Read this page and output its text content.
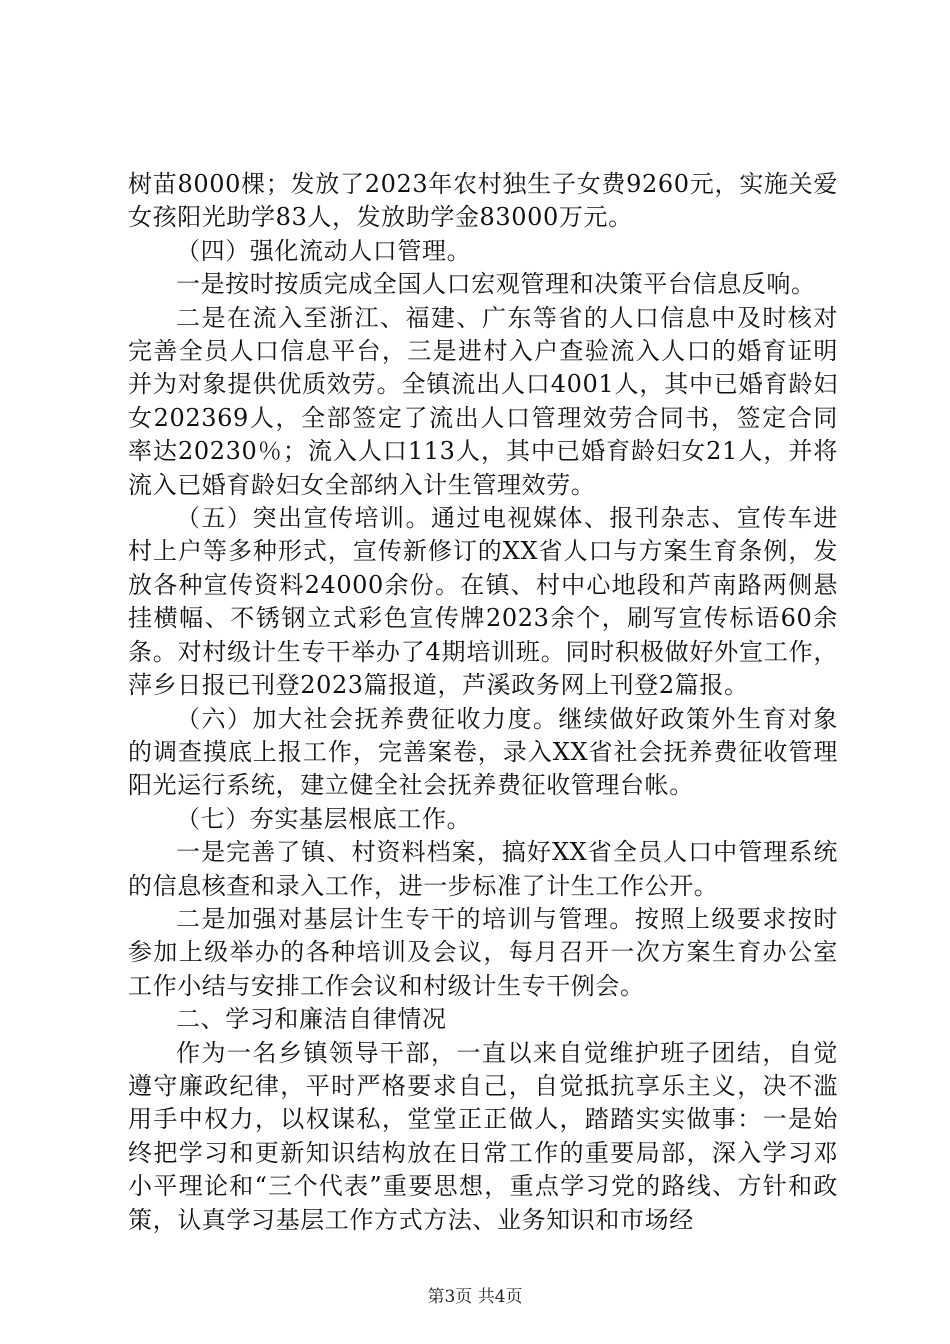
树苗8000棵；发放了2023年农村独生子女费9260元，实施关爱女孩阳光助学83人，发放助学金83000万元。

（四）强化流动人口管理。

一是按时按质完成全国人口宏观管理和决策平台信息反响。

二是在流入至浙江、福建、广东等省的人口信息中及时核对完善全员人口信息平台，三是进村入户查验流入人口的婚育证明并为对象提供优质效劳。全镇流出人口4001人，其中已婚育龄妇女202369人，全部签定了流出人口管理效劳合同书，签定合同率达20230％；流入人口113人，其中已婚育龄妇女21人，并将流入已婚育龄妇女全部纳入计生管理效劳。

（五）突出宣传培训。通过电视媒体、报刊杂志、宣传车进村上户等多种形式，宣传新修订的XX省人口与方案生育条例，发放各种宣传资料24000余份。在镇、村中心地段和芦南路两侧悬挂横幅、不锈钢立式彩色宣传牌2023余个，刷写宣传标语60余条。对村级计生专干举办了4期培训班。同时积极做好外宣工作，萍乡日报已刊登2023篇报道，芦溪政务网上刊登2篇报。

（六）加大社会抚养费征收力度。继续做好政策外生育对象的调查摸底上报工作，完善案卷，录入XX省社会抚养费征收管理阳光运行系统，建立健全社会抚养费征收管理台帐。

（七）夯实基层根底工作。

一是完善了镇、村资料档案，搞好XX省全员人口中管理系统的信息核查和录入工作，进一步标准了计生工作公开。

二是加强对基层计生专干的培训与管理。按照上级要求按时参加上级举办的各种培训及会议，每月召开一次方案生育办公室工作小结与安排工作会议和村级计生专干例会。

二、学习和廉洁自律情况

作为一名乡镇领导干部，一直以来自觉维护班子团结，自觉遵守廉政纪律，平时严格要求自己，自觉抵抗享乐主义，决不滥用手中权力，以权谋私，堂堂正正做人，踏踏实实做事：一是始终把学习和更新知识结构放在日常工作的重要局部，深入学习邓小平理论和“三个代表”重要思想，重点学习党的路线、方针和政策，认真学习基层工作方式方法、业务知识和市场经

第3页 共4页
